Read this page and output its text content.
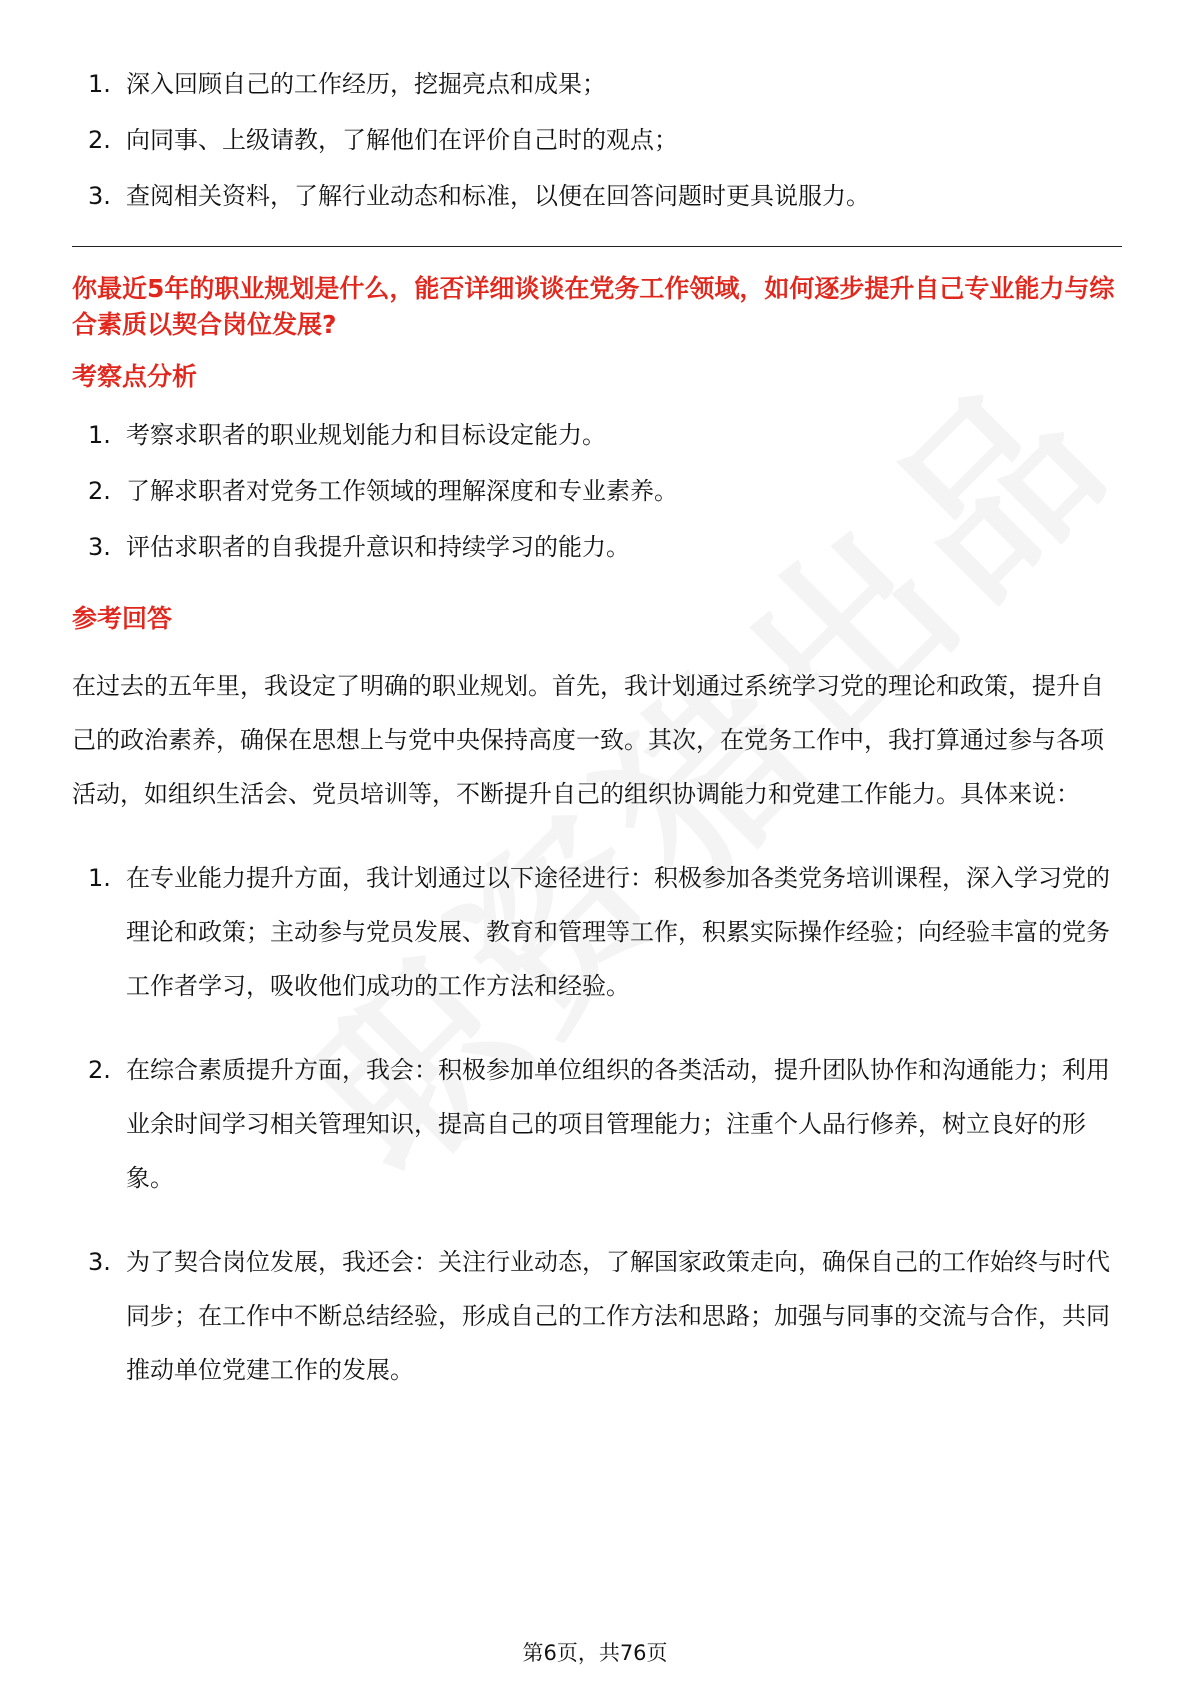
1. 深入回顾自己的工作经历，挖掘亮点和成果；
2. 向同事、上级请教，了解他们在评价自己时的观点；
3. 查阅相关资料，了解行业动态和标准，以便在回答问题时更具说服力。
你最近5年的职业规划是什么，能否详细谈谈在党务工作领域，如何逐步提升自己专业能力与综合素质以契合岗位发展?
考察点分析
1. 考察求职者的职业规划能力和目标设定能力。
2. 了解求职者对党务工作领域的理解深度和专业素养。
3. 评估求职者的自我提升意识和持续学习的能力。
参考回答

在过去的五年里，我设定了明确的职业规划。首先，我计划通过系统学习党的理论和政策，提升自己的政治素养，确保在思想上与党中央保持高度一致。其次，在党务工作中，我打算通过参与各项活动，如组织生活会、党员培训等，不断提升自己的组织协调能力和党建工作能力。具体来说：

1. 在专业能力提升方面，我计划通过以下途径进行：积极参加各类党务培训课程，深入学习党的理论和政策；主动参与党员发展、教育和管理等工作，积累实际操作经验；向经验丰富的党务工作者学习，吸收他们成功的工作方法和经验。
2. 在综合素质提升方面，我会：积极参加单位组织的各类活动，提升团队协作和沟通能力；利用业余时间学习相关管理知识，提高自己的项目管理能力；注重个人品行修养，树立良好的形象。
3. 为了契合岗位发展，我还会：关注行业动态，了解国家政策走向，确保自己的工作始终与时代同步；在工作中不断总结经验，形成自己的工作方法和思路；加强与同事的交流与合作，共同推动单位党建工作的发展。
第6页，共76页
